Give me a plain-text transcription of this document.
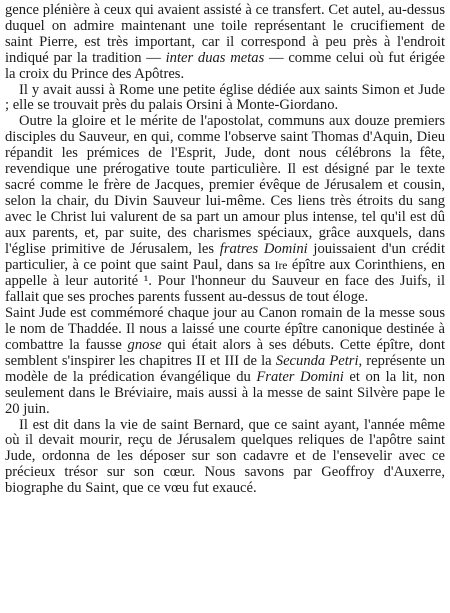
gence plénière à ceux qui avaient assisté à ce transfert. Cet autel, au-dessus duquel on admire maintenant une toile représentant le crucifiement de saint Pierre, est très important, car il correspond à peu près à l'endroit indiqué par la tradition — inter duas metas — comme celui où fut érigée la croix du Prince des Apôtres.

Il y avait aussi à Rome une petite église dédiée aux saints Simon et Jude ; elle se trouvait près du palais Orsini à Monte-Giordano.

Outre la gloire et le mérite de l'apostolat, communs aux douze premiers disciples du Sauveur, en qui, comme l'observe saint Thomas d'Aquin, Dieu répandit les prémices de l'Esprit, Jude, dont nous célébrons la fête, revendique une prérogative toute particulière. Il est désigné par le texte sacré comme le frère de Jacques, premier évêque de Jérusalem et cousin, selon la chair, du Divin Sauveur lui-même. Ces liens très étroits du sang avec le Christ lui valurent de sa part un amour plus intense, tel qu'il est dû aux parents, et, par suite, des charismes spéciaux, grâce auxquels, dans l'église primitive de Jérusalem, les fratres Domini jouissaient d'un crédit particulier, à ce point que saint Paul, dans sa Ire épître aux Corinthiens, en appelle à leur autorité ¹. Pour l'honneur du Sauveur en face des Juifs, il fallait que ses proches parents fussent au-dessus de tout éloge.

Saint Jude est commémoré chaque jour au Canon romain de la messe sous le nom de Thaddée. Il nous a laissé une courte épître canonique destinée à combattre la fausse gnose qui était alors à ses débuts. Cette épître, dont semblent s'inspirer les chapitres II et III de la Secunda Petri, représente un modèle de la prédication évangélique du Frater Domini et on la lit, non seulement dans le Bréviaire, mais aussi à la messe de saint Silvère pape le 20 juin.

Il est dit dans la vie de saint Bernard, que ce saint ayant, l'année même où il devait mourir, reçu de Jérusalem quelques reliques de l'apôtre saint Jude, ordonna de les déposer sur son cadavre et de l'ensevelir avec ce précieux trésor sur son cœur. Nous savons par Geoffroy d'Auxerre, biographe du Saint, que ce vœu fut exaucé.
